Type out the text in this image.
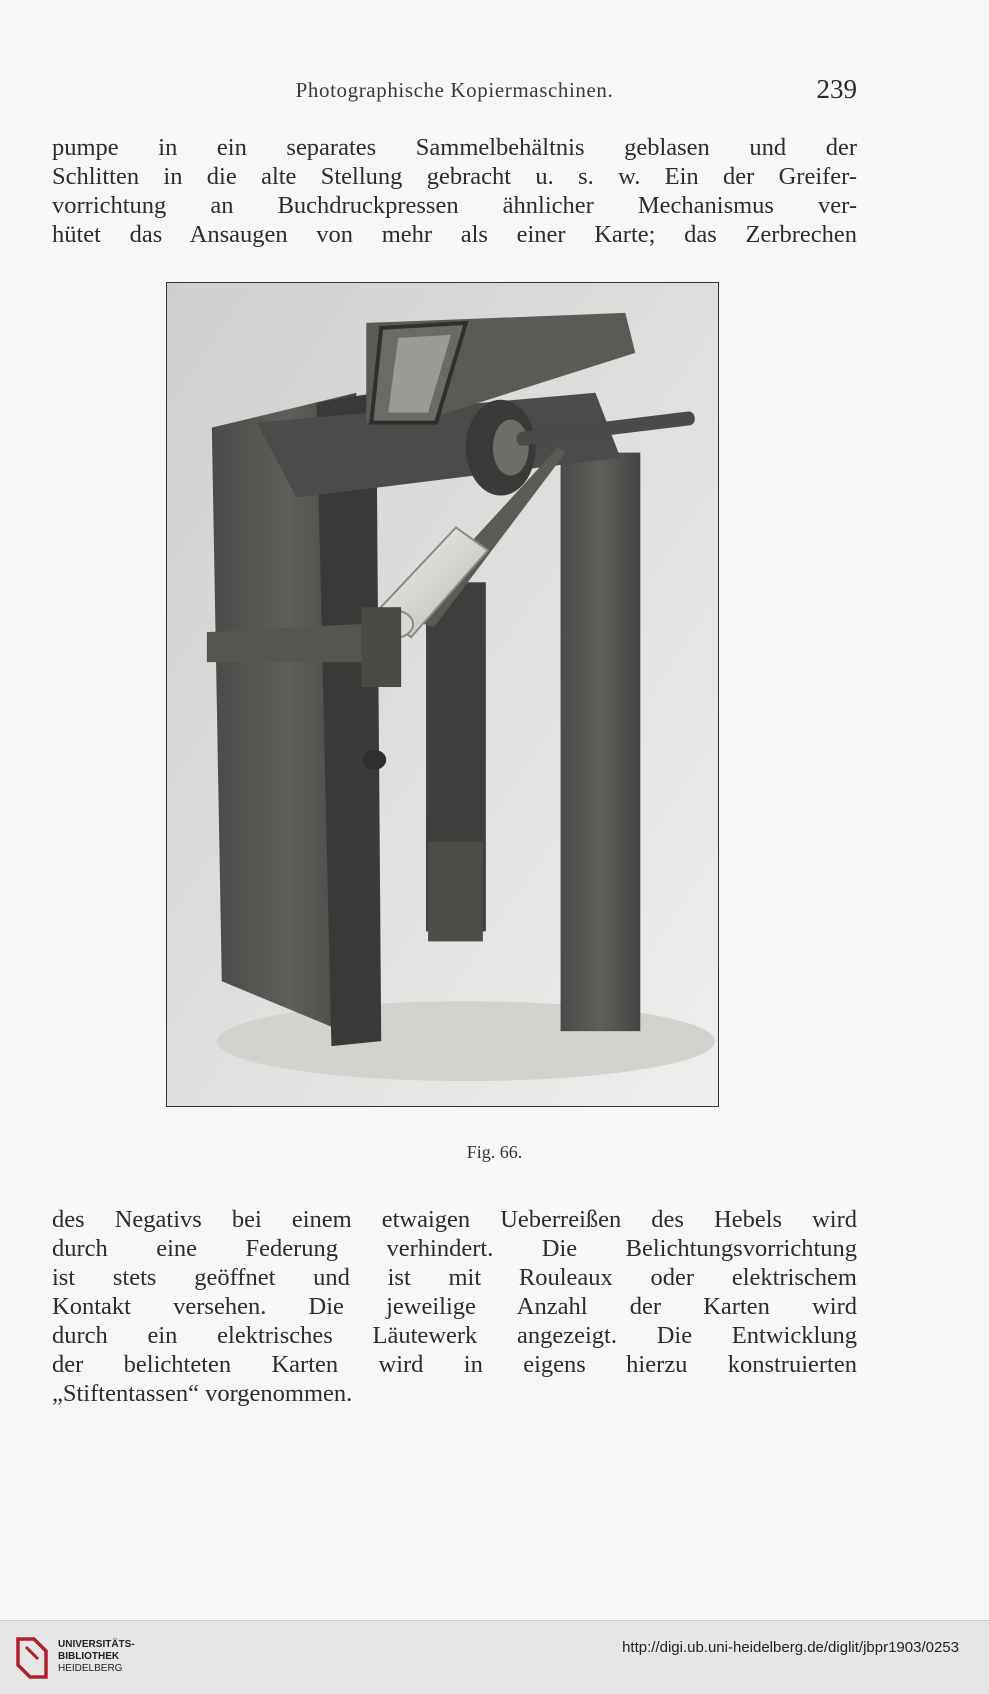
Photographische Kopiermaschinen.	239

pumpe in ein separates Sammelbehältnis geblasen und der
Schlitten in die alte Stellung gebracht u. s. w. Ein der Greifer-
vorrichtung an Buchdruckpressen ähnlicher Mechanismus ver-
hütet das Ansaugen von mehr als einer Karte; das Zerbrechen

Fig. 66.

des Negativs bei einem etwaigen Ueberreißen des Hebels wird
durch eine Federung verhindert. Die Belichtungsvorrichtung
ist stets geöffnet und ist mit Rouleaux oder elektrischem
Kontakt versehen. Die jeweilige Anzahl der Karten wird
durch ein elektrisches Läutewerk angezeigt. Die Entwicklung
der belichteten Karten wird in eigens hierzu konstruierten
„Stiftentassen“ vorgenommen.

UNIVERSITÄTS-
BIBLIOTHEK
HEIDELBERG
http://digi.ub.uni-heidelberg.de/diglit/jbpr1903/0253
